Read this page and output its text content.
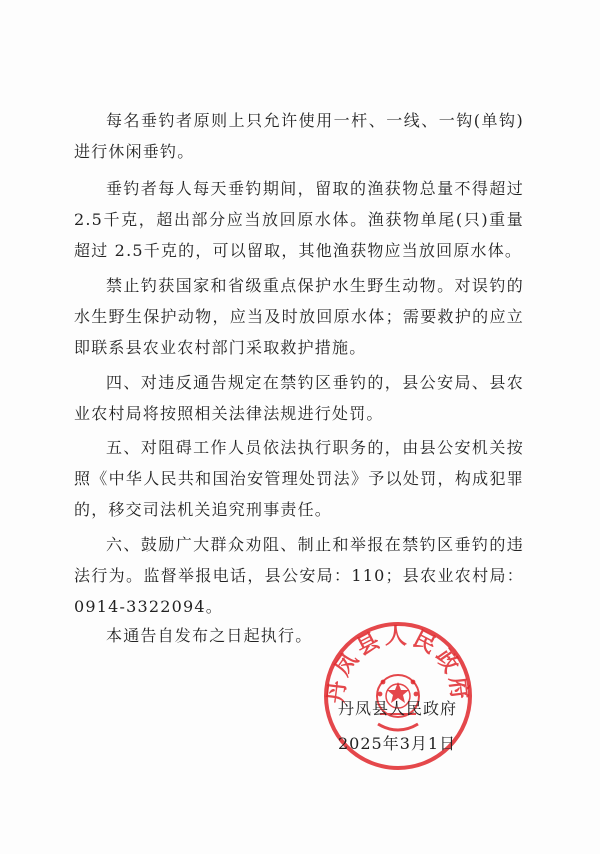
每名垂钓者原则上只允许使用一杆、一线、一钩(单钩)进行休闲垂钓。

垂钓者每人每天垂钓期间，留取的渔获物总量不得超过2.5千克，超出部分应当放回原水体。渔获物单尾(只)重量超过 2.5千克的，可以留取，其他渔获物应当放回原水体。

禁止钓获国家和省级重点保护水生野生动物。对误钓的水生野生保护动物，应当及时放回原水体；需要救护的应立即联系县农业农村部门采取救护措施。

四、对违反通告规定在禁钓区垂钓的，县公安局、县农业农村局将按照相关法律法规进行处罚。

五、对阻碍工作人员依法执行职务的，由县公安机关按照《中华人民共和国治安管理处罚法》予以处罚，构成犯罪的，移交司法机关追究刑事责任。

六、鼓励广大群众劝阻、制止和举报在禁钓区垂钓的违法行为。监督举报电话，县公安局：110；县农业农村局：0914-3322094。

本通告自发布之日起执行。

丹凤县人民政府
丹凤县人民政府
2025年3月1日
